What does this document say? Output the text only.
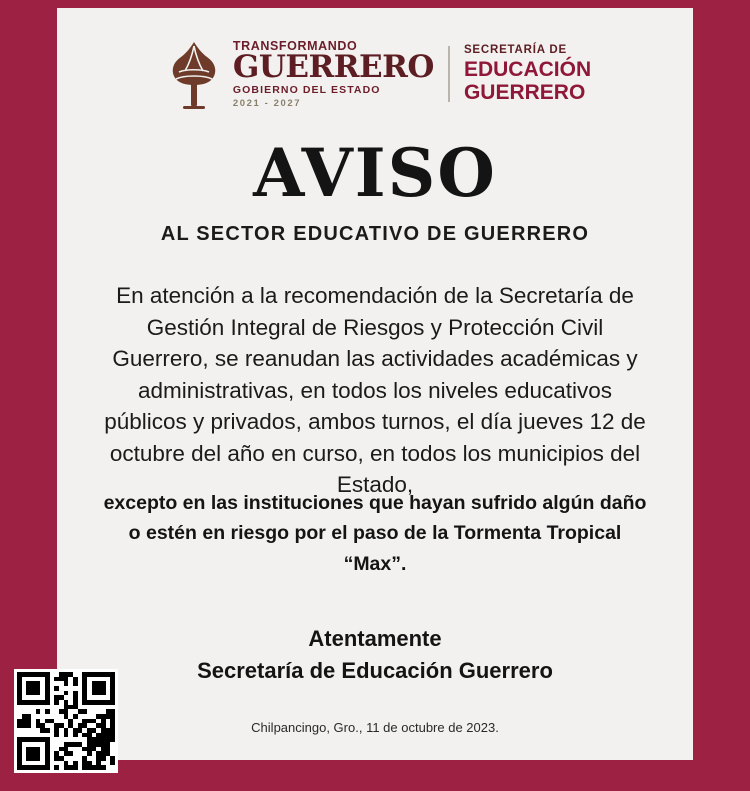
TRANSFORMANDO
GUERRERO
GOBIERNO DEL ESTADO
2021 - 2027
SECRETARÍA DE
EDUCACIÓN
GUERRERO
AVISO
AL SECTOR EDUCATIVO DE GUERRERO
En atención a la recomendación de la Secretaría de Gestión Integral de Riesgos y Protección Civil Guerrero, se reanudan las actividades académicas y administrativas, en todos los niveles educativos públicos y privados, ambos turnos, el día jueves 12 de octubre del año en curso, en todos los municipios del Estado,
excepto en las instituciones que hayan sufrido algún daño o estén en riesgo por el paso de la Tormenta Tropical “Max”.
Atentamente
Secretaría de Educación Guerrero
Chilpancingo, Gro., 11 de octubre de 2023.
